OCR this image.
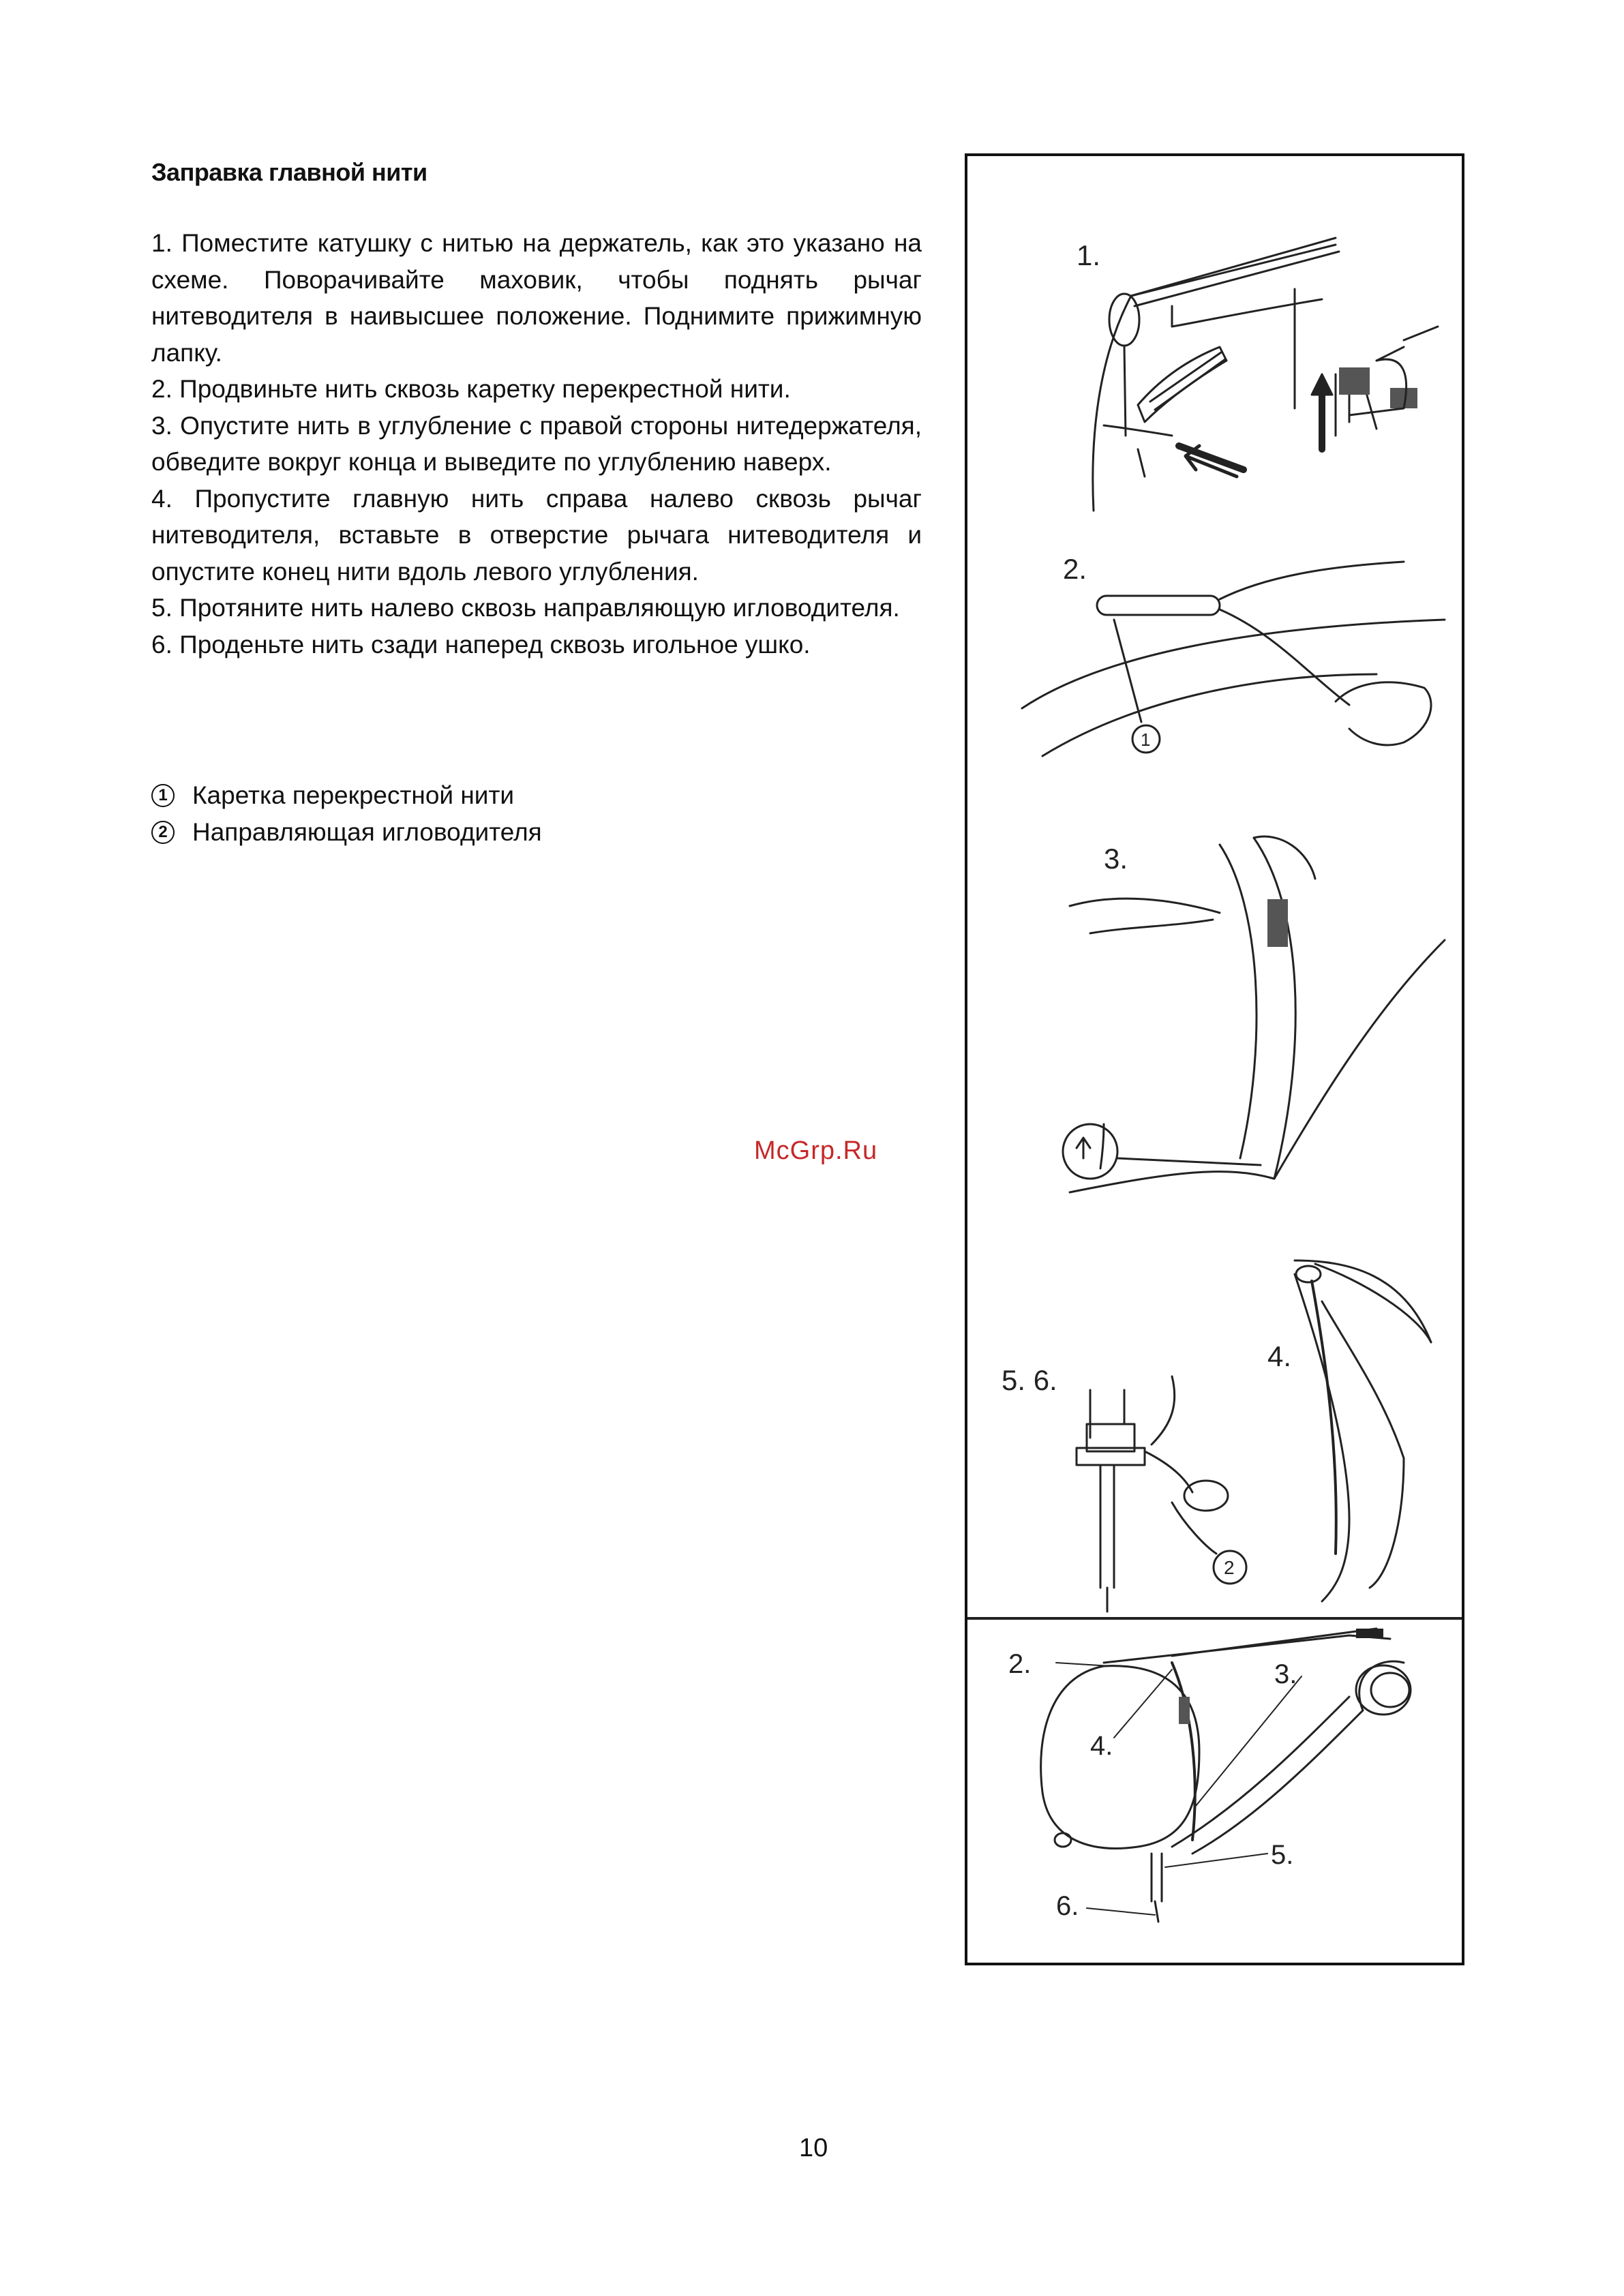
Заправка главной нити

1. Поместите катушку с нитью на держатель, как это указано на схеме. Поворачивайте маховик, чтобы поднять рычаг нитеводителя в наивысшее положение. Поднимите прижимную лапку.

2. Продвиньте нить сквозь каретку перекрестной нити.

3. Опустите нить в углубление с правой стороны нитедержателя, обведите вокруг конца и выведите по углублению наверх.

4. Пропустите главную нить справа налево сквозь рычаг нитеводителя, вставьте в отверстие рычага нитеводителя и опустите конец нити вдоль левого углубления.

5. Протяните нить налево сквозь направляющую игловодителя.

6. Проденьте нить сзади наперед сквозь игольное ушко.

1 Каретка перекрестной нити
2 Направляющая игловодителя
McGrp.Ru
1.
2.
1
3.
4.
5. 6.
2
2.	3.
4.
5.
6.
10
